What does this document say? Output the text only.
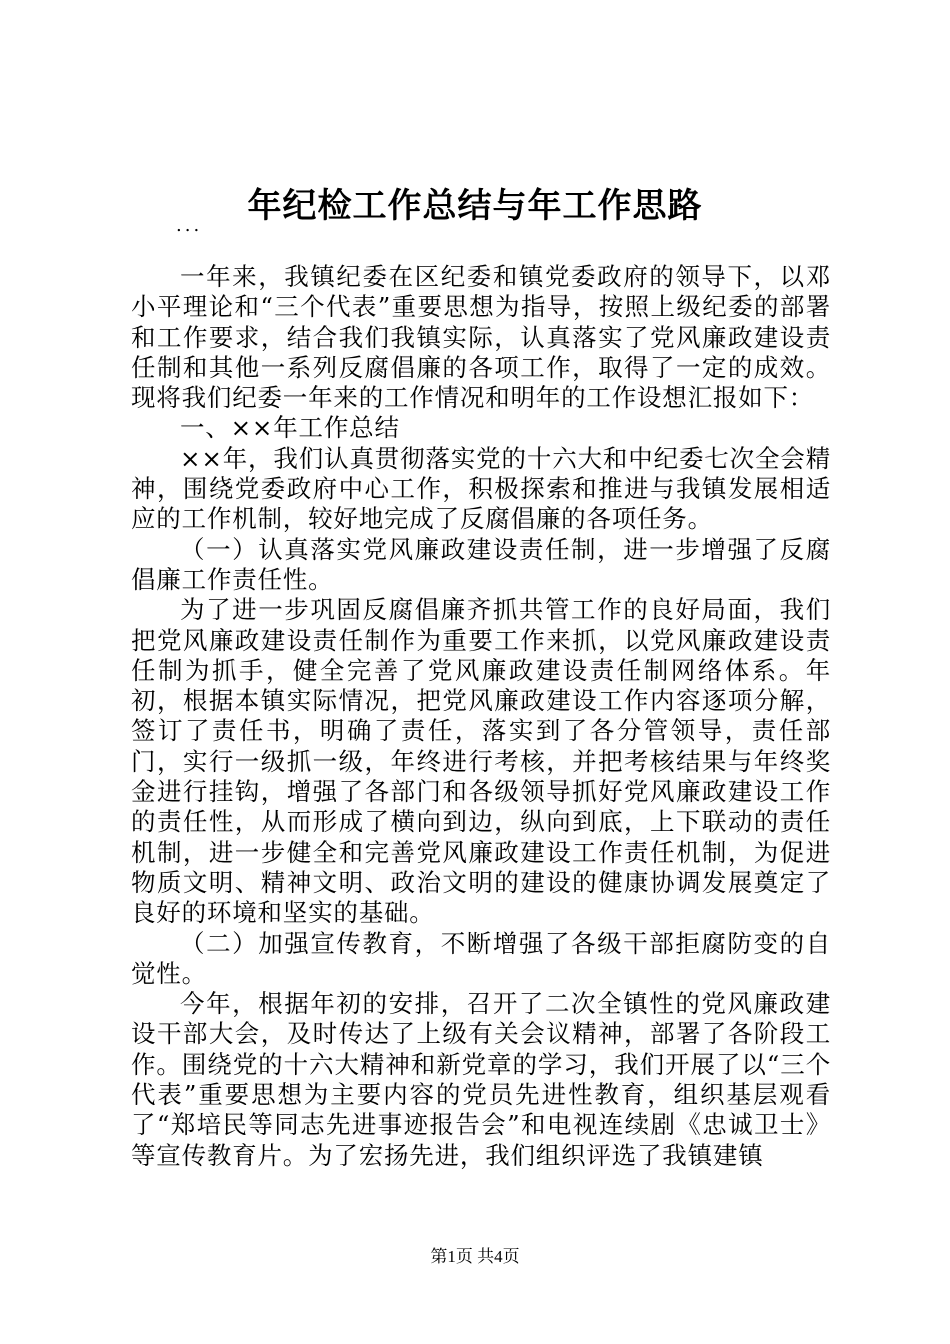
年纪检工作总结与年工作思路
...

一年来，我镇纪委在区纪委和镇党委政府的领导下，以邓小平理论和“三个代表”重要思想为指导，按照上级纪委的部署和工作要求，结合我们我镇实际，认真落实了党风廉政建设责任制和其他一系列反腐倡廉的各项工作，取得了一定的成效。现将我们纪委一年来的工作情况和明年的工作设想汇报如下：

一、××年工作总结

××年，我们认真贯彻落实党的十六大和中纪委七次全会精神，围绕党委政府中心工作，积极探索和推进与我镇发展相适应的工作机制，较好地完成了反腐倡廉的各项任务。

（一）认真落实党风廉政建设责任制，进一步增强了反腐倡廉工作责任性。

为了进一步巩固反腐倡廉齐抓共管工作的良好局面，我们把党风廉政建设责任制作为重要工作来抓，以党风廉政建设责任制为抓手，健全完善了党风廉政建设责任制网络体系。年初，根据本镇实际情况，把党风廉政建设工作内容逐项分解，签订了责任书，明确了责任，落实到了各分管领导，责任部门，实行一级抓一级，年终进行考核，并把考核结果与年终奖金进行挂钩，增强了各部门和各级领导抓好党风廉政建设工作的责任性，从而形成了横向到边，纵向到底，上下联动的责任机制，进一步健全和完善党风廉政建设工作责任机制，为促进物质文明、精神文明、政治文明的建设的健康协调发展奠定了良好的环境和坚实的基础。

（二）加强宣传教育，不断增强了各级干部拒腐防变的自觉性。

今年，根据年初的安排，召开了二次全镇性的党风廉政建设干部大会，及时传达了上级有关会议精神，部署了各阶段工作。围绕党的十六大精神和新党章的学习，我们开展了以“三个代表”重要思想为主要内容的党员先进性教育，组织基层观看了“郑培民等同志先进事迹报告会”和电视连续剧《忠诚卫士》等宣传教育片。为了宏扬先进，我们组织评选了我镇建镇

第1页 共4页
